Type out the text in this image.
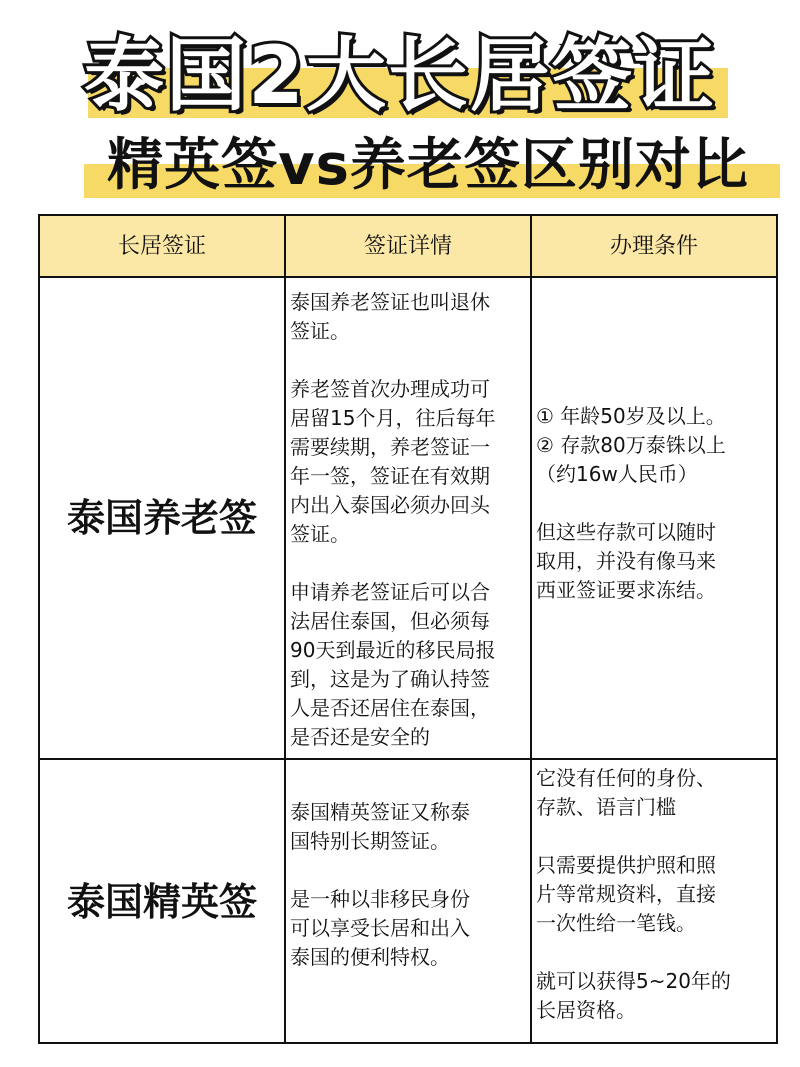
泰国2大长居签证
精英签vs养老签区别对比
长居签证	签证详情	办理条件
泰国养老签

泰国养老签证也叫退休

签证。

养老签首次办理成功可

居留15个月，往后每年

需要续期，养老签证一

年一签，签证在有效期

内出入泰国必须办回头

签证。

申请养老签证后可以合

法居住泰国，但必须每

90天到最近的移民局报

到，这是为了确认持签

人是否还居住在泰国，

是否还是安全的

① 年龄50岁及以上。

② 存款80万泰铢以上

（约16w人民币）

但这些存款可以随时

取用，并没有像马来

西亚签证要求冻结。

泰国精英签

泰国精英签证又称泰

国特别长期签证。

是一种以非移民身份

可以享受长居和出入

泰国的便利特权。

它没有任何的身份、

存款、语言门槛

只需要提供护照和照

片等常规资料，直接

一次性给一笔钱。

就可以获得5~20年的

长居资格。
